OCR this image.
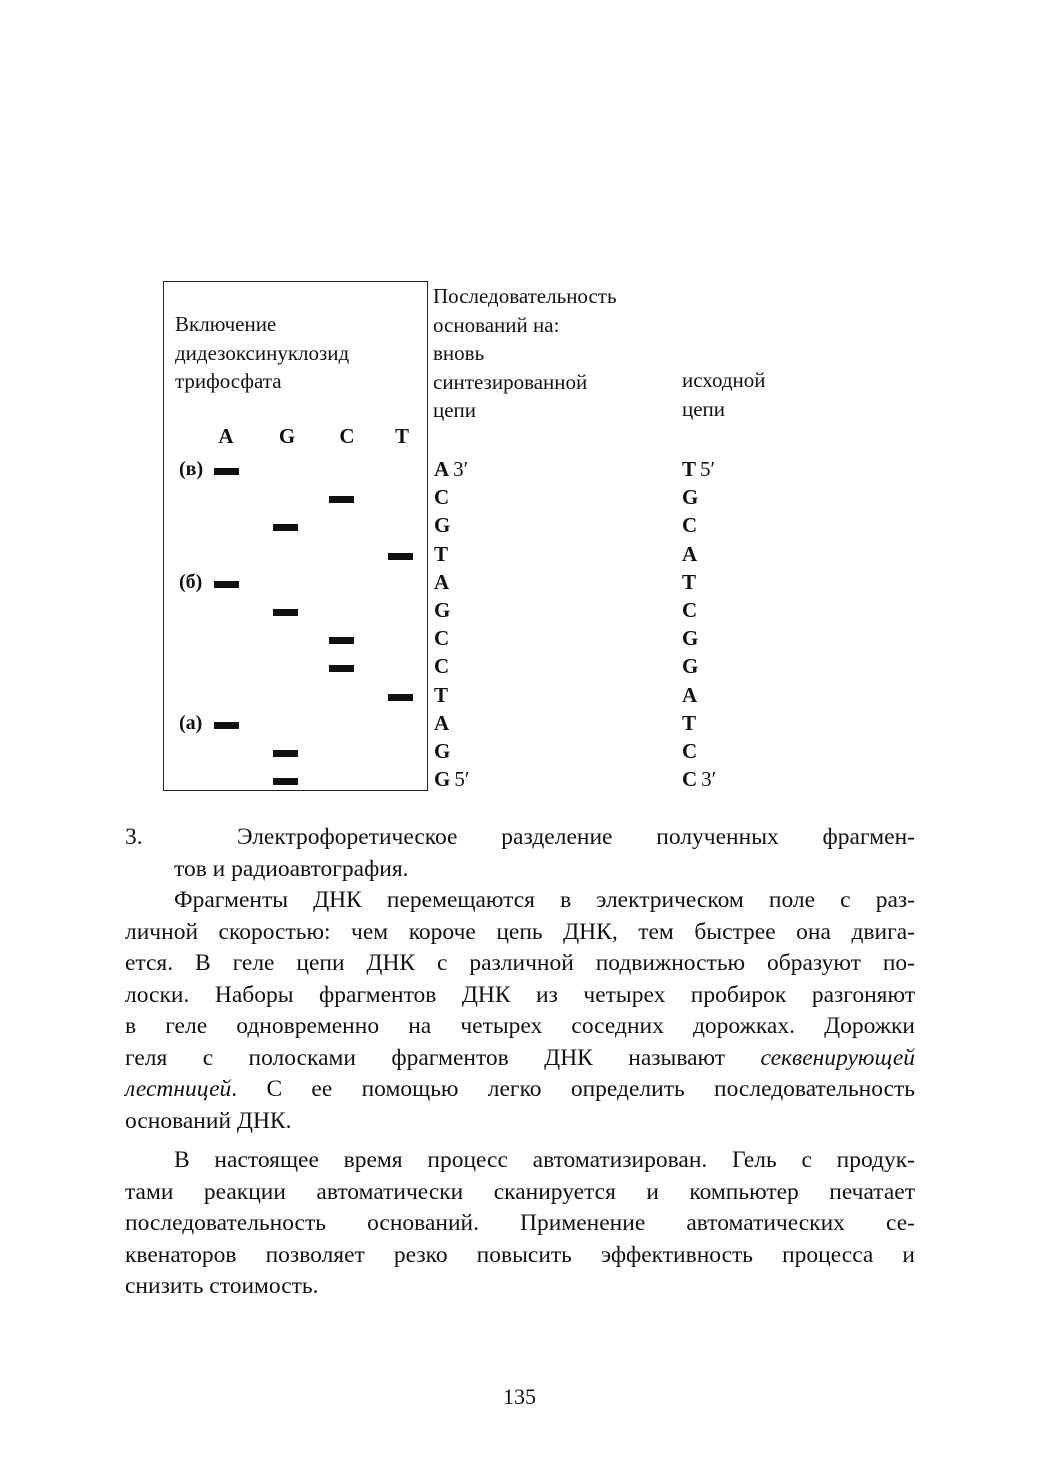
Включение
дидезоксинуклозид
трифосфата
A	G	C	T
Последовательность
оснований на:
вновь
синтезированной
цепи
исходной
цепи
(в)	A 3′	T 5′
C	G
G	C
T	A
(б)	A	T
G	C
C	G
C	G
T	A
(а)	A	T
G	C
G 5′	C 3′
3.	Электрофоретическое разделение полученных фрагмен-
тов и радиоавтография.
Фрагменты ДНК перемещаются в электрическом поле с раз-
личной скоростью: чем короче цепь ДНК, тем быстрее она двига-
ется. В геле цепи ДНК с различной подвижностью образуют по-
лоски. Наборы фрагментов ДНК из четырех пробирок разгоняют
в геле одновременно на четырех соседних дорожках. Дорожки
геля с полосками фрагментов ДНК называют секвенирующей
лестницей. С ее помощью легко определить последовательность
оснований ДНК.
В настоящее время процесс автоматизирован. Гель с продук-
тами реакции автоматически сканируется и компьютер печатает
последовательность оснований. Применение автоматических се-
квенаторов позволяет резко повысить эффективность процесса и
снизить стоимость.
135
